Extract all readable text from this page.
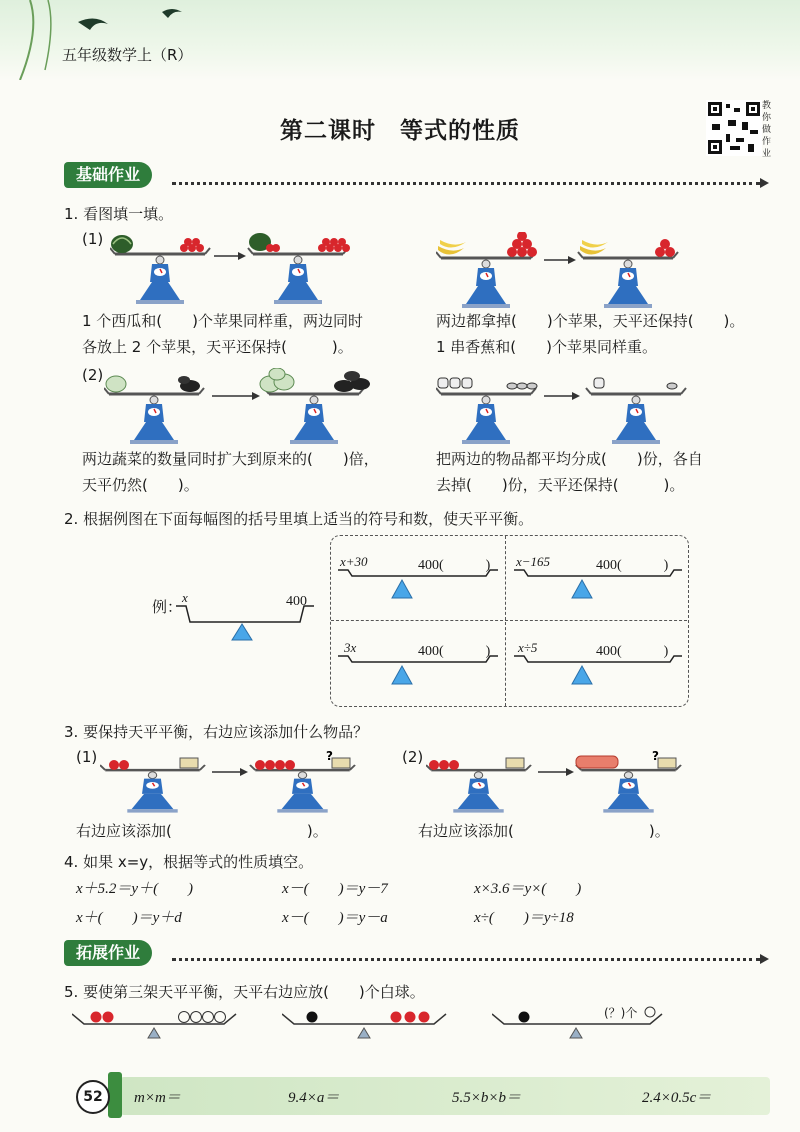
五年级数学上（R）
第二课时　等式的性质
教你做作业
基础作业
1. 看图填一填。
(1)
1 个西瓜和(　　)个苹果同样重，两边同时
各放上 2 个苹果，天平还保持(　　　)。
两边都拿掉(　　)个苹果，天平还保持(　　)。
1 串香蕉和(　　)个苹果同样重。
(2)
两边蔬菜的数量同时扩大到原来的(　　)倍，
天平仍然(　　)。
把两边的物品都平均分成(　　)份，各自
去掉(　　)份，天平还保持(　　　)。
2. 根据例图在下面每幅图的括号里填上适当的符号和数，使天平平衡。
例：
x	400
x+30	400(　　　) x−165	400(　　　)
3x	400(　　　) x÷5	400(　　　)
3. 要保持天平平衡，右边应该添加什么物品？
(1)	(2)
?	?
右边应该添加(　　　　　　　　　)。	右边应该添加(　　　　　　　　　)。
4. 如果 x=y，根据等式的性质填空。
x＋5.2＝y＋(　　)	x－(　　)＝y－7	x×3.6＝y×(　　)
x＋(　　)＝y＋d	x－(　　)＝y－a	x÷(　　)＝y÷18
拓展作业
5. 要使第三架天平平衡，天平右边应放(　　)个白球。
(？)个
52	m×m＝	9.4×a＝	5.5×b×b＝	2.4×0.5c＝
